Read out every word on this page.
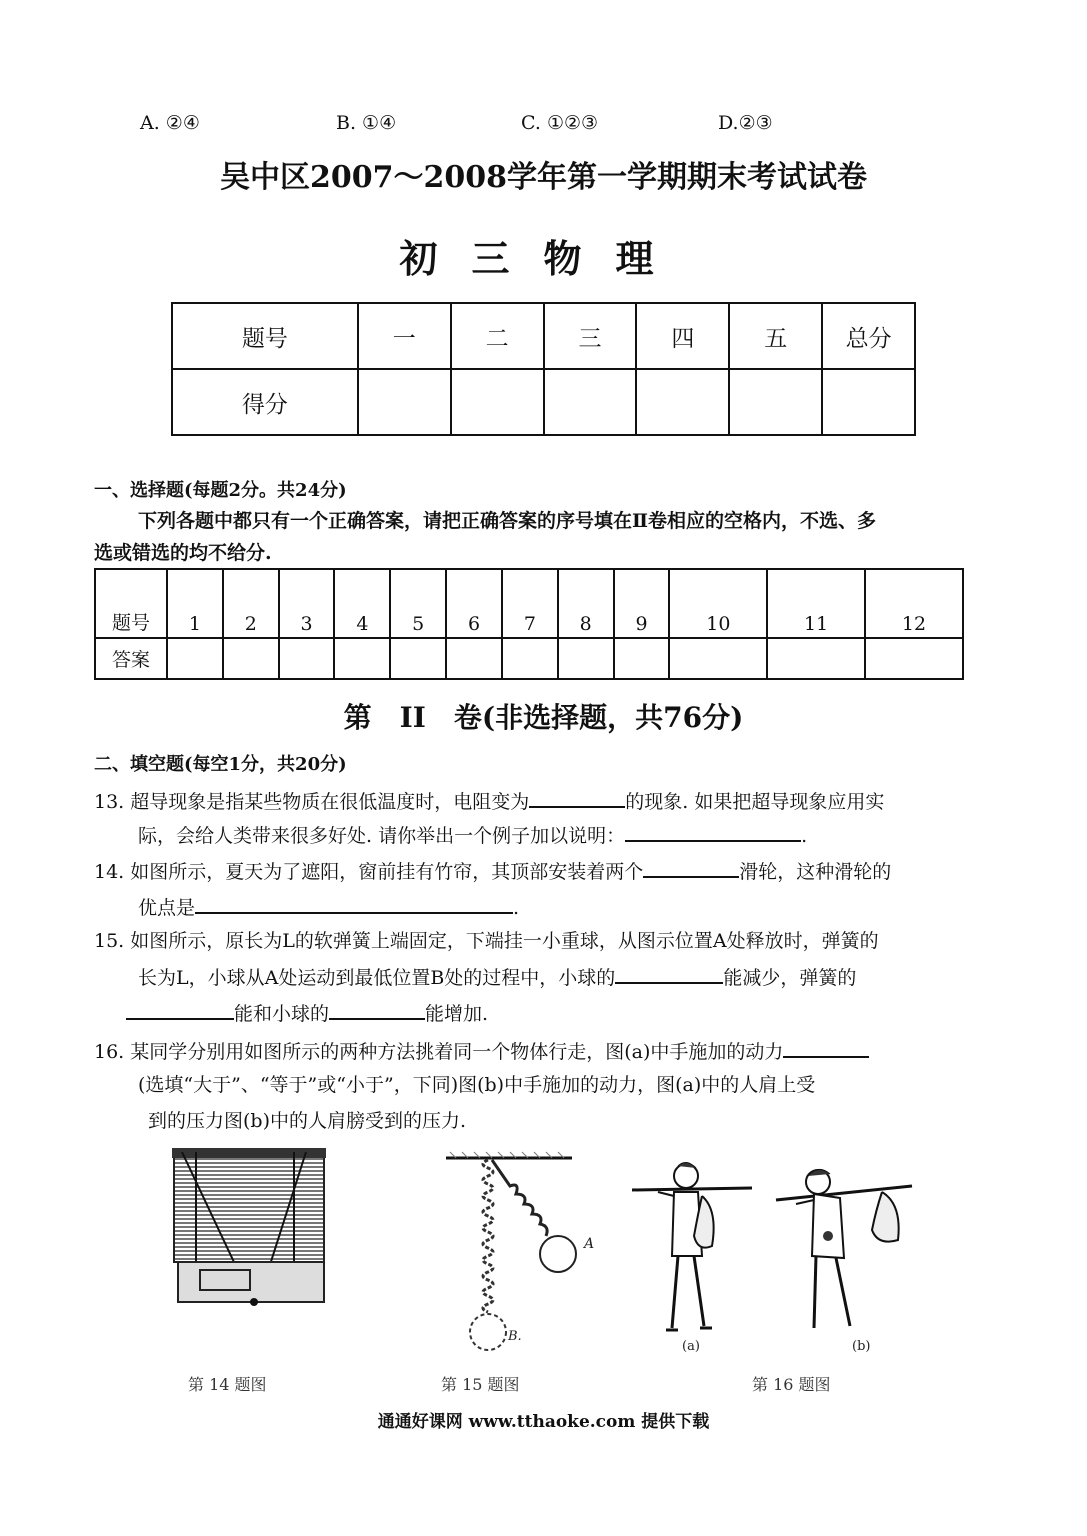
A. ②④	B. ①④	C. ①②③	D.②③
吴中区2007～2008学年第一学期期末考试试卷
初三物理
题号	一	二	三	四	五	总分
得分						
一、选择题(每题2分。共24分)
下列各题中都只有一个正确答案，请把正确答案的序号填在Ⅱ卷相应的空格内，不选、多
选或错选的均不给分.
题号	1	2	3	4	5	6	7	8	9	10	11	12
答案												
第　II　卷(非选择题，共76分)
二、填空题(每空1分，共20分)
13. 超导现象是指某些物质在很低温度时，电阻变为	的现象. 如果把超导现象应用实
际，会给人类带来很多好处. 请你举出一个例子加以说明：	.
14. 如图所示，夏天为了遮阳，窗前挂有竹帘，其顶部安装着两个	滑轮，这种滑轮的
优点是	.
15. 如图所示，原长为L的软弹簧上端固定，下端挂一小重球，从图示位置A处释放时，弹簧的
长为L，小球从A处运动到最低位置B处的过程中，小球的	能减少，弹簧的
能和小球的	能增加.
16. 某同学分别用如图所示的两种方法挑着同一个物体行走，图(a)中手施加的动力
(选填“大于”、“等于”或“小于”，下同)图(b)中手施加的动力，图(a)中的人肩上受
到的压力图(b)中的人肩膀受到的压力.
A
B.
(a)	(b)
第 14 题图	第 15 题图	第 16 题图
通通好课网 www.tthaoke.com 提供下载
